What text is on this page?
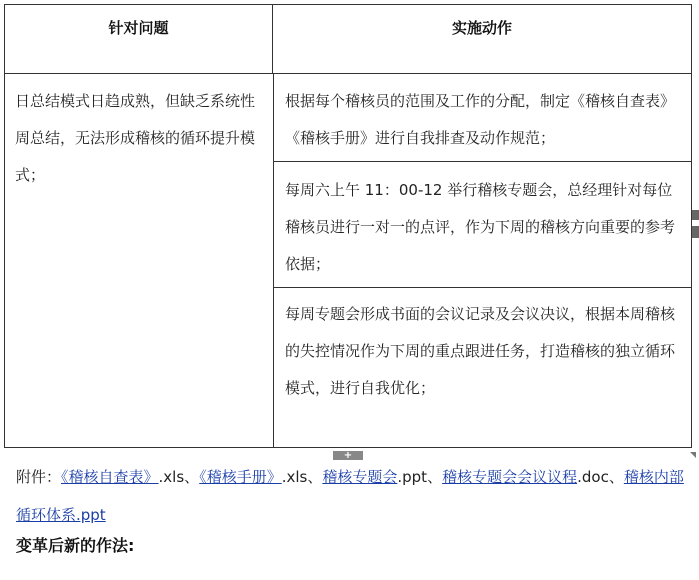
针对问题	实施动作
日总结模式日趋成熟，但缺乏系统性周总结，无法形成稽核的循环提升模式；
根据每个稽核员的范围及工作的分配，制定《稽核自查表》《稽核手册》进行自我排查及动作规范；
每周六上午 11：00-12 举行稽核专题会，总经理针对每位稽核员进行一对一的点评，作为下周的稽核方向重要的参考依据；
每周专题会形成书面的会议记录及会议决议，根据本周稽核的失控情况作为下周的重点跟进任务，打造稽核的独立循环模式，进行自我优化；
+
附件：《稽核自查表》.xls、《稽核手册》.xls、稽核专题会.ppt、稽核专题会会议议程.doc、稽核内部循环体系.ppt
变革后新的作法:
